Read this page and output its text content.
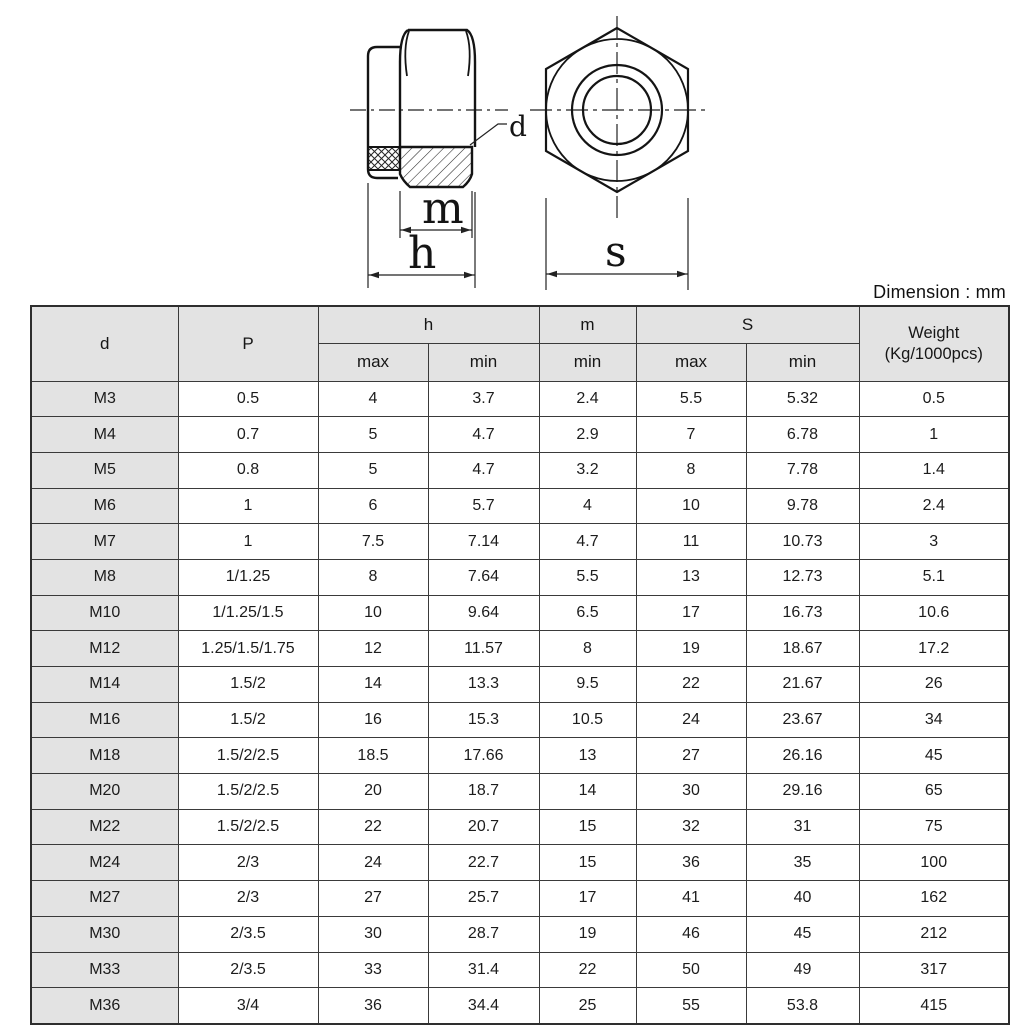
d
m
h	s
Dimension : mm
d	P	h		m	S		Weight
(Kg/1000pcs)

		max	min	min	max	min	
M3	0.5	4	3.7	2.4	5.5	5.32	0.5
M4	0.7	5	4.7	2.9	7	6.78	1
M5	0.8	5	4.7	3.2	8	7.78	1.4
M6	1	6	5.7	4	10	9.78	2.4
M7	1	7.5	7.14	4.7	11	10.73	3
M8	1/1.25	8	7.64	5.5	13	12.73	5.1
M10	1/1.25/1.5	10	9.64	6.5	17	16.73	10.6
M12	1.25/1.5/1.75	12	11.57	8	19	18.67	17.2
M14	1.5/2	14	13.3	9.5	22	21.67	26
M16	1.5/2	16	15.3	10.5	24	23.67	34
M18	1.5/2/2.5	18.5	17.66	13	27	26.16	45
M20	1.5/2/2.5	20	18.7	14	30	29.16	65
M22	1.5/2/2.5	22	20.7	15	32	31	75
M24	2/3	24	22.7	15	36	35	100
M27	2/3	27	25.7	17	41	40	162
M30	2/3.5	30	28.7	19	46	45	212
M33	2/3.5	33	31.4	22	50	49	317
M36	3/4	36	34.4	25	55	53.8	415
